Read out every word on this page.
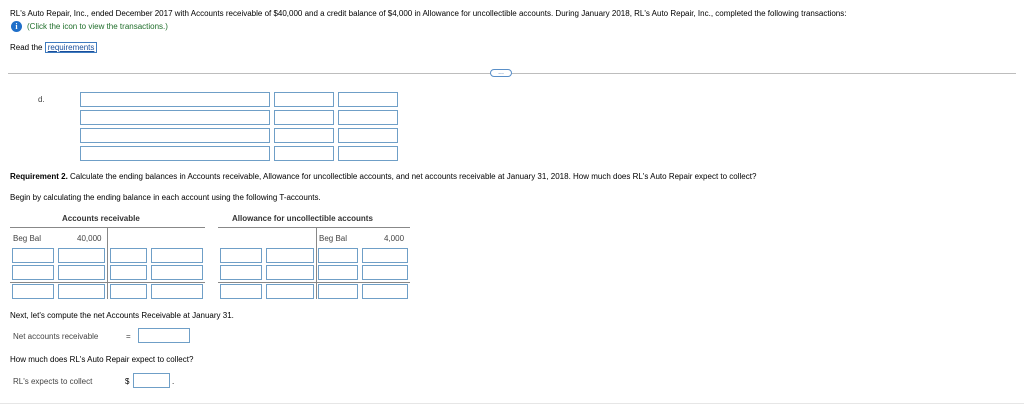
RL's Auto Repair, Inc., ended December 2017 with Accounts receivable of $40,000 and a credit balance of $4,000 in Allowance for uncollectible accounts. During January 2018, RL's Auto Repair, Inc., completed the following transactions:
i	(Click the icon to view the transactions.)
Read the requirements
...
d.
Requirement 2. Calculate the ending balances in Accounts receivable, Allowance for uncollectible accounts, and net accounts receivable at January 31, 2018. How much does RL's Auto Repair expect to collect?
Begin by calculating the ending balance in each account using the following T-accounts.
Accounts receivable
Beg Bal	40,000
Allowance for uncollectible accounts
Beg Bal	4,000
Next, let's compute the net Accounts Receivable at January 31.
Net accounts receivable	=
How much does RL's Auto Repair expect to collect?
RL's expects to collect	$	.
